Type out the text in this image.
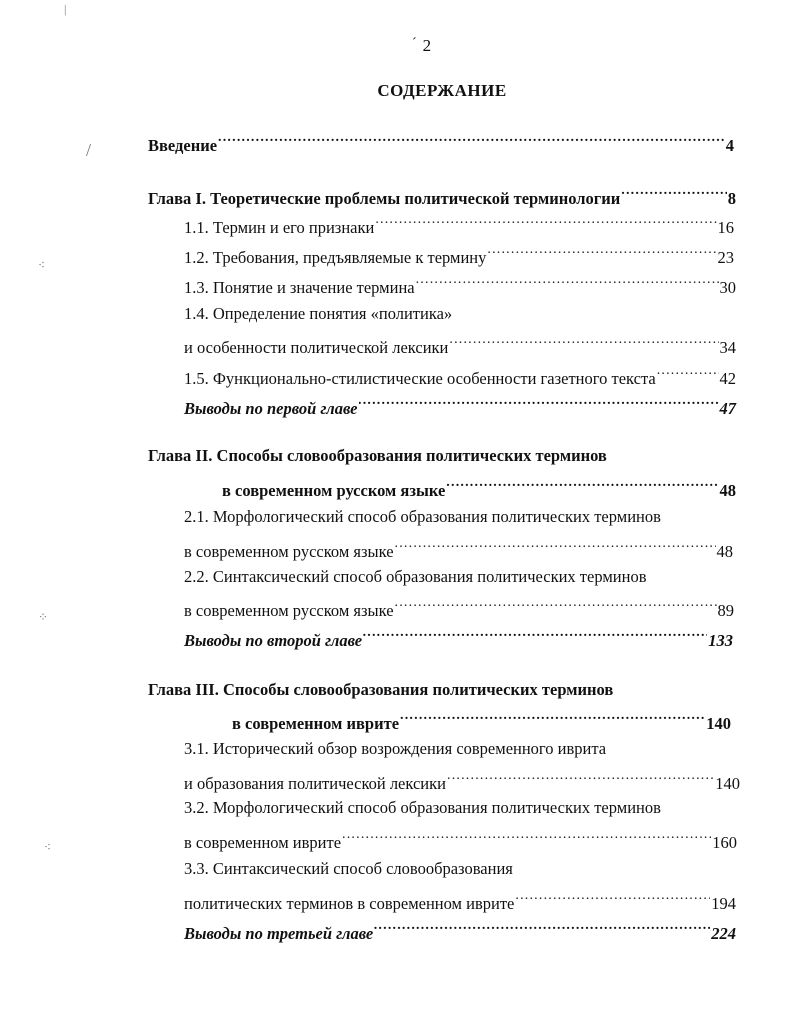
|
/
⁖
⁘
⁖
$^ˊ$ 2
СОДЕРЖАНИЕ
Введение .....	4
Глава I. Теоретические проблемы политической терминологии .....	8
1.1. Термин и его признаки .....	16
1.2. Требования, предъявляемые к термину .....	23
1.3. Понятие и значение термина .....	30
1.4. Определение понятия «политика»
и особенности политической лексики .....	34
1.5. Функционально-стилистические особенности газетного текста .....	42
Выводы по первой главе .....	47
Глава II. Способы словообразования политических терминов
в современном русском языке .....	48
2.1. Морфологический способ образования политических терминов
в современном русском языке .....	48
2.2. Синтаксический способ образования политических терминов
в современном русском языке .....	89
Выводы по второй главе .....	133
Глава III. Способы словообразования политических терминов
в современном иврите .....	140
3.1. Исторический обзор возрождения современного иврита
и образования политической лексики .....	140
3.2. Морфологический способ образования политических терминов
в современном иврите .....	160
3.3. Синтаксический способ словообразования
политических терминов в современном иврите .....	194
Выводы по третьей главе .....	224
